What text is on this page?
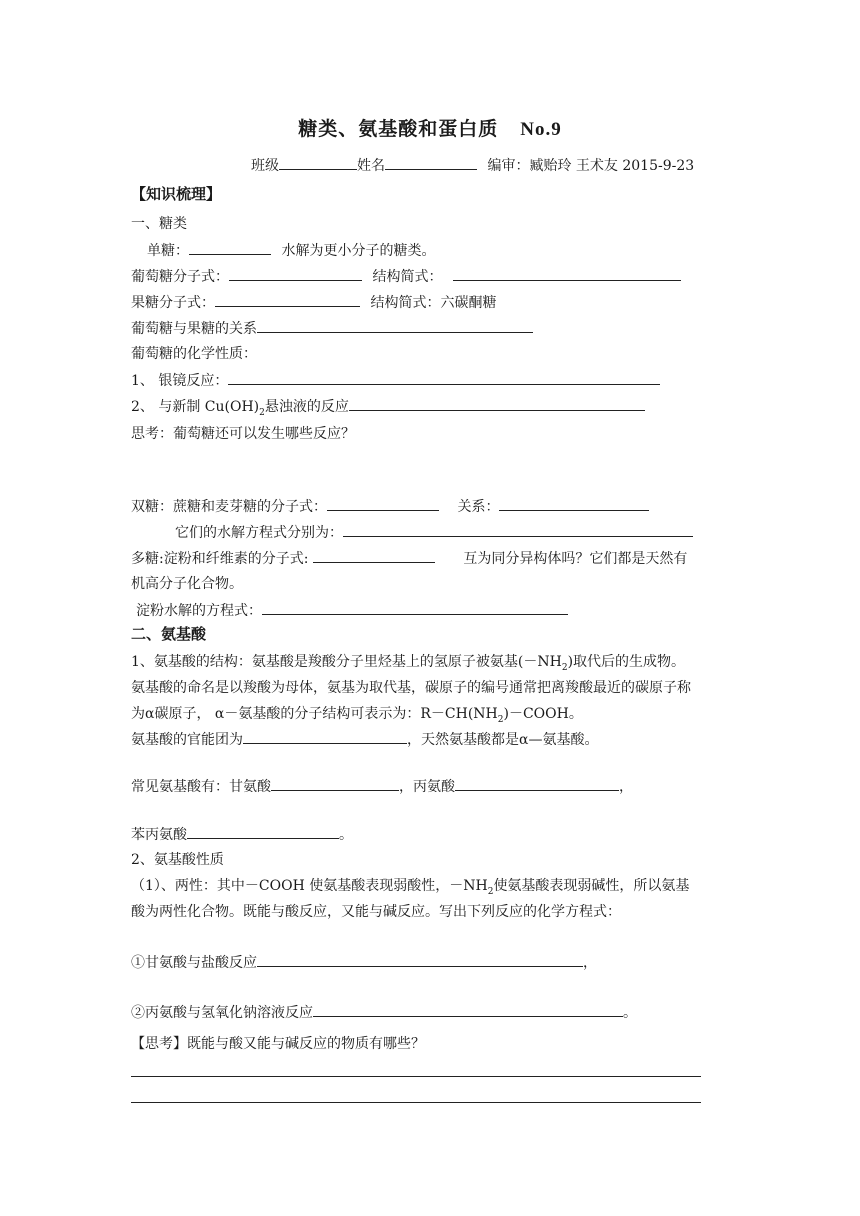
糖类、氨基酸和蛋白质 No.9
班级	姓名	编审：臧贻玲 王术友 2015-9-23
【知识梳理】
一、糖类
单糖：	水解为更小分子的糖类。
葡萄糖分子式：	结构简式：
果糖分子式：	结构简式：六碳酮糖
葡萄糖与果糖的关系
葡萄糖的化学性质：
1、 银镜反应：
2、 与新制 $Cu(OH)_2$悬浊液的反应
思考：葡萄糖还可以发生哪些反应？
双糖：蔗糖和麦芽糖的分子式：	关系：
它们的水解方程式分别为：
多糖:淀粉和纤维素的分子式:	互为同分异构体吗？它们都是天然有
机高分子化合物。
淀粉水解的方程式：
二、氨基酸
1、氨基酸的结构：氨基酸是羧酸分子里烃基上的氢原子被氨基$(-NH_2)$取代后的生成物。
氨基酸的命名是以羧酸为母体，氨基为取代基，碳原子的编号通常把离羧酸最近的碳原子称
为α碳原子， α－氨基酸的分子结构可表示为：$R-CH(NH_2)-COOH$。
氨基酸的官能团为	，天然氨基酸都是α—氨基酸。
常见氨基酸有：甘氨酸	，丙氨酸	，
苯丙氨酸	。
2、氨基酸性质
（1）、两性：其中－COOH 使氨基酸表现弱酸性，$-NH_2$使氨基酸表现弱碱性，所以氨基
酸为两性化合物。既能与酸反应，又能与碱反应。写出下列反应的化学方程式：
①甘氨酸与盐酸反应	，
②丙氨酸与氢氧化钠溶液反应	。
【思考】既能与酸又能与碱反应的物质有哪些？
